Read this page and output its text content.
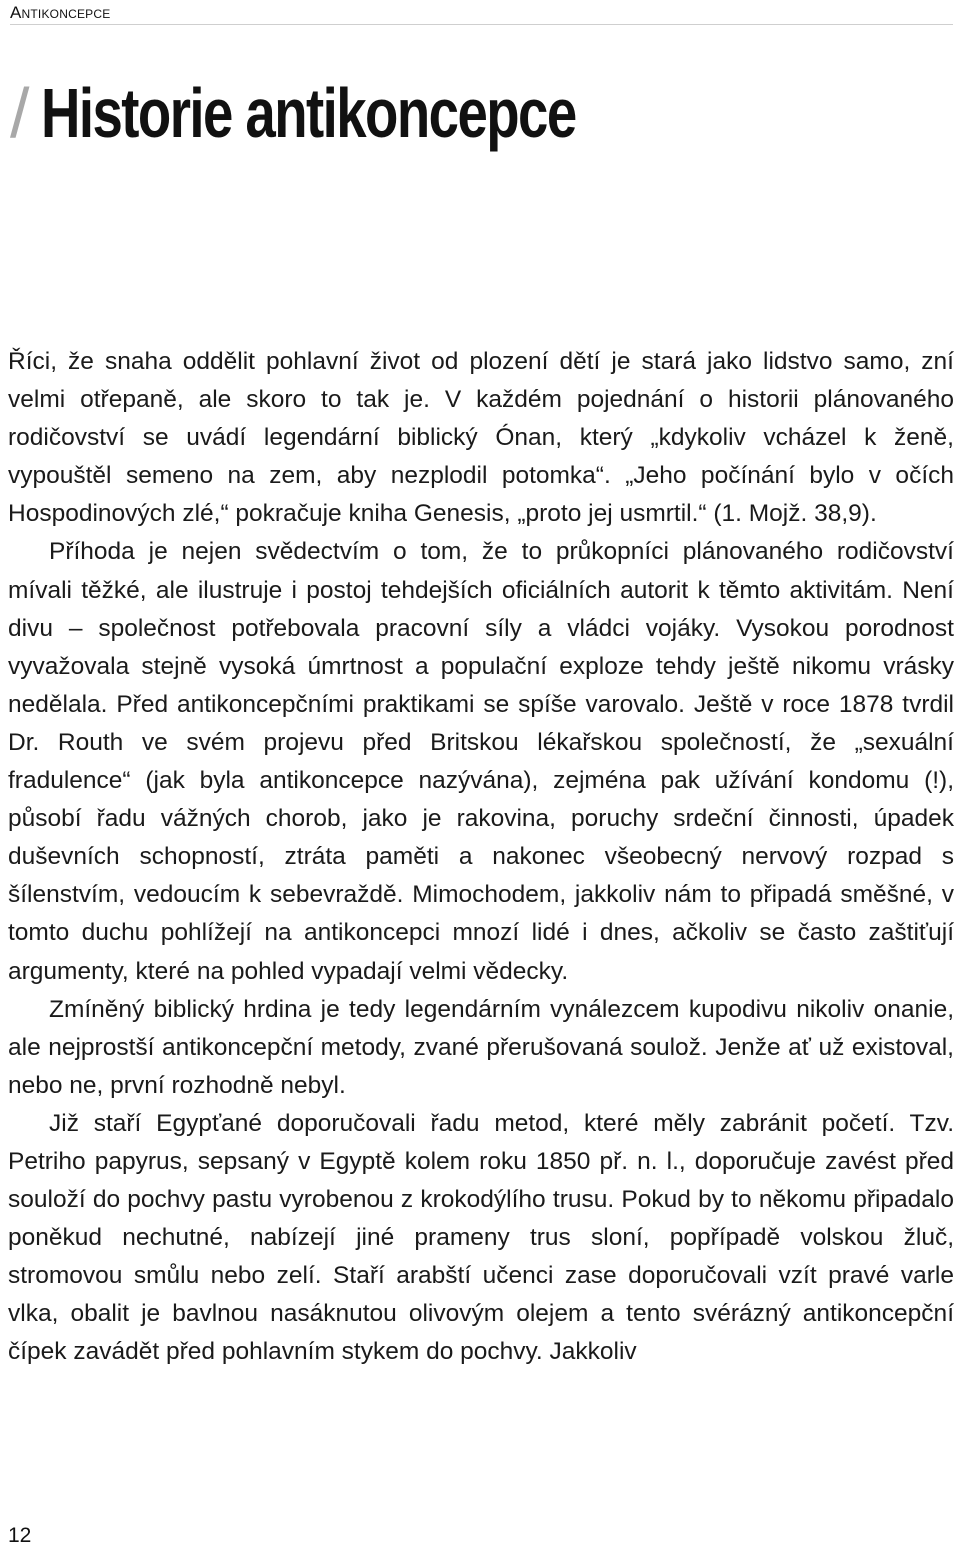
Antikoncepce
/ Historie antikoncepce

Říci, že snaha oddělit pohlavní život od plození dětí je stará jako lidstvo samo, zní velmi otřepaně, ale skoro to tak je. V každém pojednání o historii plánovaného rodičovství se uvádí legendární biblický Ónan, který „kdykoliv vcházel k ženě, vypouštěl semeno na zem, aby nezplodil potomka“. „Jeho počínání bylo v očích Hospodinových zlé,“ pokračuje kniha Genesis, „proto jej usmrtil.“ (1. Mojž. 38,9).

Příhoda je nejen svědectvím o tom, že to průkopníci plánovaného rodičovství mívali těžké, ale ilustruje i postoj tehdejších oficiálních autorit k těmto aktivitám. Není divu – společnost potřebovala pracovní síly a vládci vojáky. Vysokou porodnost vyvažovala stejně vysoká úmrtnost a populační exploze tehdy ještě nikomu vrásky nedělala. Před antikoncepčními praktikami se spíše varovalo. Ještě v roce 1878 tvrdil Dr. Routh ve svém projevu před Britskou lékařskou společností, že „sexuální fradulence“ (jak byla antikoncepce nazývána), zejména pak užívání kondomu (!), působí řadu vážných chorob, jako je rakovina, poruchy srdeční činnosti, úpadek duševních schopností, ztráta paměti a nakonec všeobecný nervový rozpad s šílenstvím, vedoucím k sebevraždě. Mimochodem, jakkoliv nám to připadá směšné, v tomto duchu pohlížejí na antikoncepci mnozí lidé i dnes, ačkoliv se často zaštiťují argumenty, které na pohled vypadají velmi vědecky.

Zmíněný biblický hrdina je tedy legendárním vynálezcem kupodivu nikoliv onanie, ale nejprostší antikoncepční metody, zvané přerušovaná soulož. Jenže ať už existoval, nebo ne, první rozhodně nebyl.

Již staří Egypťané doporučovali řadu metod, které měly zabránit početí. Tzv. Petriho papyrus, sepsaný v Egyptě kolem roku 1850 př. n. l., doporučuje zavést před souloží do pochvy pastu vyrobenou z krokodýlího trusu. Pokud by to někomu připadalo poněkud nechutné, nabízejí jiné prameny trus sloní, popřípadě volskou žluč, stromovou smůlu nebo zelí. Staří arabští učenci zase doporučovali vzít pravé varle vlka, obalit je bavlnou nasáknutou olivovým olejem a tento svérázný antikoncepční čípek zavádět před pohlavním stykem do pochvy. Jakkoliv

12
